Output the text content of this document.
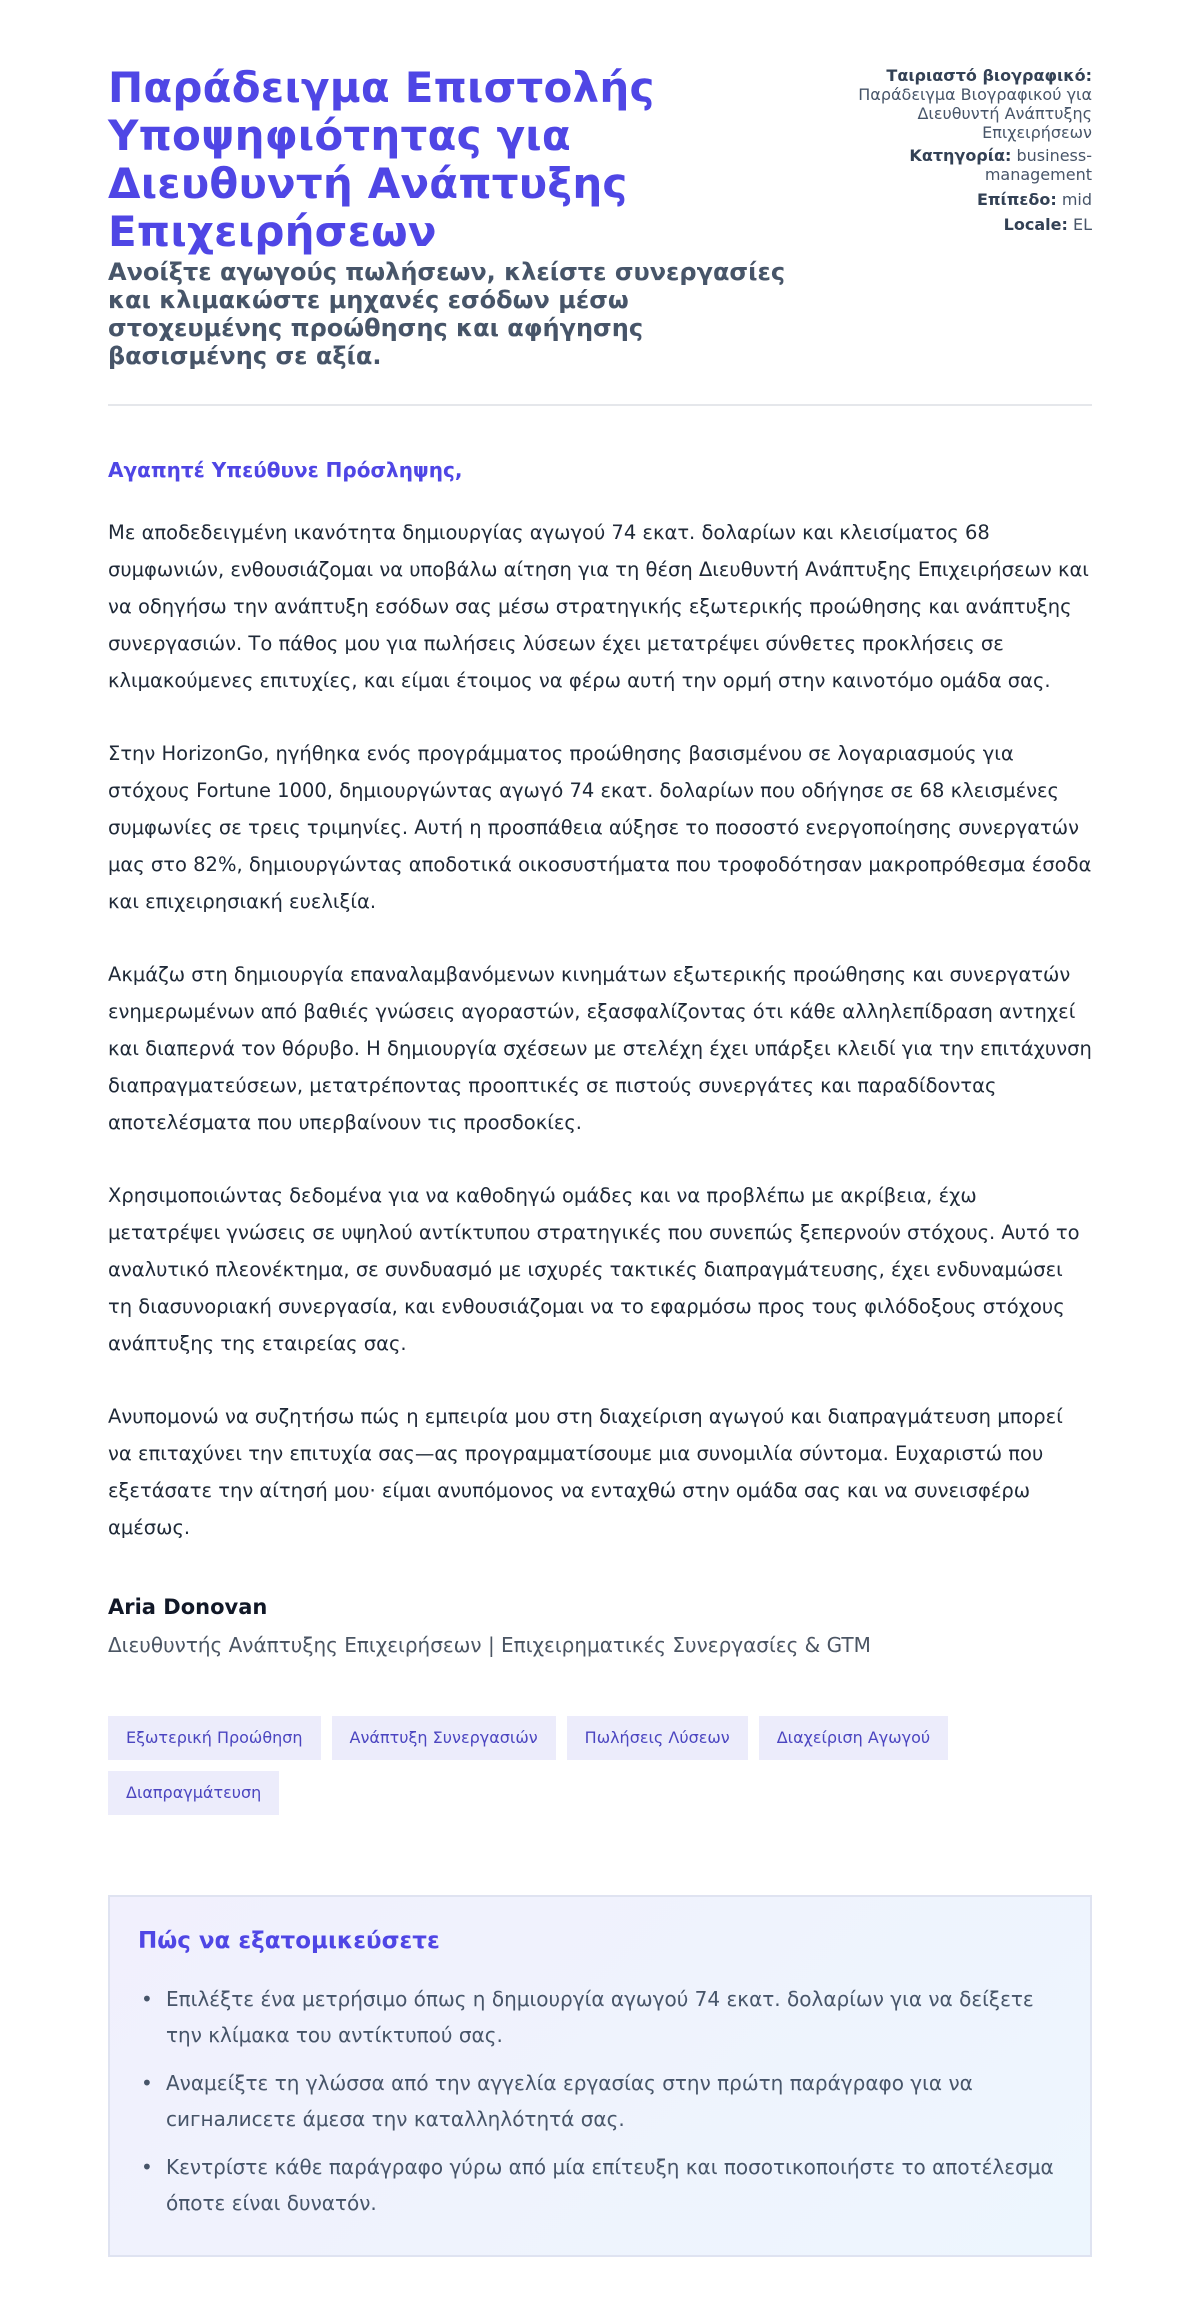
Παράδειγμα Επιστολής Υποψηφιότητας για Διευθυντή Ανάπτυξης Επιχειρήσεων
Ανοίξτε αγωγούς πωλήσεων, κλείστε συνεργασίες και κλιμακώστε μηχανές εσόδων μέσω στοχευμένης προώθησης και αφήγησης βασισμένης σε αξία.
Ταιριαστό βιογραφικό:
Παράδειγμα Βιογραφικού για Διευθυντή Ανάπτυξης Επιχειρήσεων
Κατηγορία: business-management
Επίπεδο: mid
Locale: EL

Αγαπητέ Υπεύθυνε Πρόσληψης,

Με αποδεδειγμένη ικανότητα δημιουργίας αγωγού 74 εκατ. δολαρίων και κλεισίματος 68 συμφωνιών, ενθουσιάζομαι να υποβάλω αίτηση για τη θέση Διευθυντή Ανάπτυξης Επιχειρήσεων και να οδηγήσω την ανάπτυξη εσόδων σας μέσω στρατηγικής εξωτερικής προώθησης και ανάπτυξης συνεργασιών. Το πάθος μου για πωλήσεις λύσεων έχει μετατρέψει σύνθετες προκλήσεις σε κλιμακούμενες επιτυχίες, και είμαι έτοιμος να φέρω αυτή την ορμή στην καινοτόμο ομάδα σας.

Στην HorizonGo, ηγήθηκα ενός προγράμματος προώθησης βασισμένου σε λογαριασμούς για στόχους Fortune 1000, δημιουργώντας αγωγό 74 εκατ. δολαρίων που οδήγησε σε 68 κλεισμένες συμφωνίες σε τρεις τριμηνίες. Αυτή η προσπάθεια αύξησε το ποσοστό ενεργοποίησης συνεργατών μας στο 82%, δημιουργώντας αποδοτικά οικοσυστήματα που τροφοδότησαν μακροπρόθεσμα έσοδα και επιχειρησιακή ευελιξία.

Ακμάζω στη δημιουργία επαναλαμβανόμενων κινημάτων εξωτερικής προώθησης και συνεργατών ενημερωμένων από βαθιές γνώσεις αγοραστών, εξασφαλίζοντας ότι κάθε αλληλεπίδραση αντηχεί και διαπερνά τον θόρυβο. Η δημιουργία σχέσεων με στελέχη έχει υπάρξει κλειδί για την επιτάχυνση διαπραγματεύσεων, μετατρέποντας προοπτικές σε πιστούς συνεργάτες και παραδίδοντας αποτελέσματα που υπερβαίνουν τις προσδοκίες.

Χρησιμοποιώντας δεδομένα για να καθοδηγώ ομάδες και να προβλέπω με ακρίβεια, έχω μετατρέψει γνώσεις σε υψηλού αντίκτυπου στρατηγικές που συνεπώς ξεπερνούν στόχους. Αυτό το αναλυτικό πλεονέκτημα, σε συνδυασμό με ισχυρές τακτικές διαπραγμάτευσης, έχει ενδυναμώσει τη διασυνοριακή συνεργασία, και ενθουσιάζομαι να το εφαρμόσω προς τους φιλόδοξους στόχους ανάπτυξης της εταιρείας σας.

Ανυπομονώ να συζητήσω πώς η εμπειρία μου στη διαχείριση αγωγού και διαπραγμάτευση μπορεί να επιταχύνει την επιτυχία σας—ας προγραμματίσουμε μια συνομιλία σύντομα. Ευχαριστώ που εξετάσατε την αίτησή μου· είμαι ανυπόμονος να ενταχθώ στην ομάδα σας και να συνεισφέρω αμέσως.

Aria Donovan
Διευθυντής Ανάπτυξης Επιχειρήσεων | Επιχειρηματικές Συνεργασίες & GTM
Εξωτερική Προώθηση	Ανάπτυξη Συνεργασιών	Πωλήσεις Λύσεων	Διαχείριση Αγωγού
Διαπραγμάτευση
Πώς να εξατομικεύσετε
• Επιλέξτε ένα μετρήσιμο όπως η δημιουργία αγωγού 74 εκατ. δολαρίων για να δείξετε την κλίμακα του αντίκτυπού σας.
• Αναμείξτε τη γλώσσα από την αγγελία εργασίας στην πρώτη παράγραφο για να сигналисετε άμεσα την καταλληλότητά σας.
• Κεντρίστε κάθε παράγραφο γύρω από μία επίτευξη και ποσοτικοποιήστε το αποτέλεσμα όποτε είναι δυνατόν.
